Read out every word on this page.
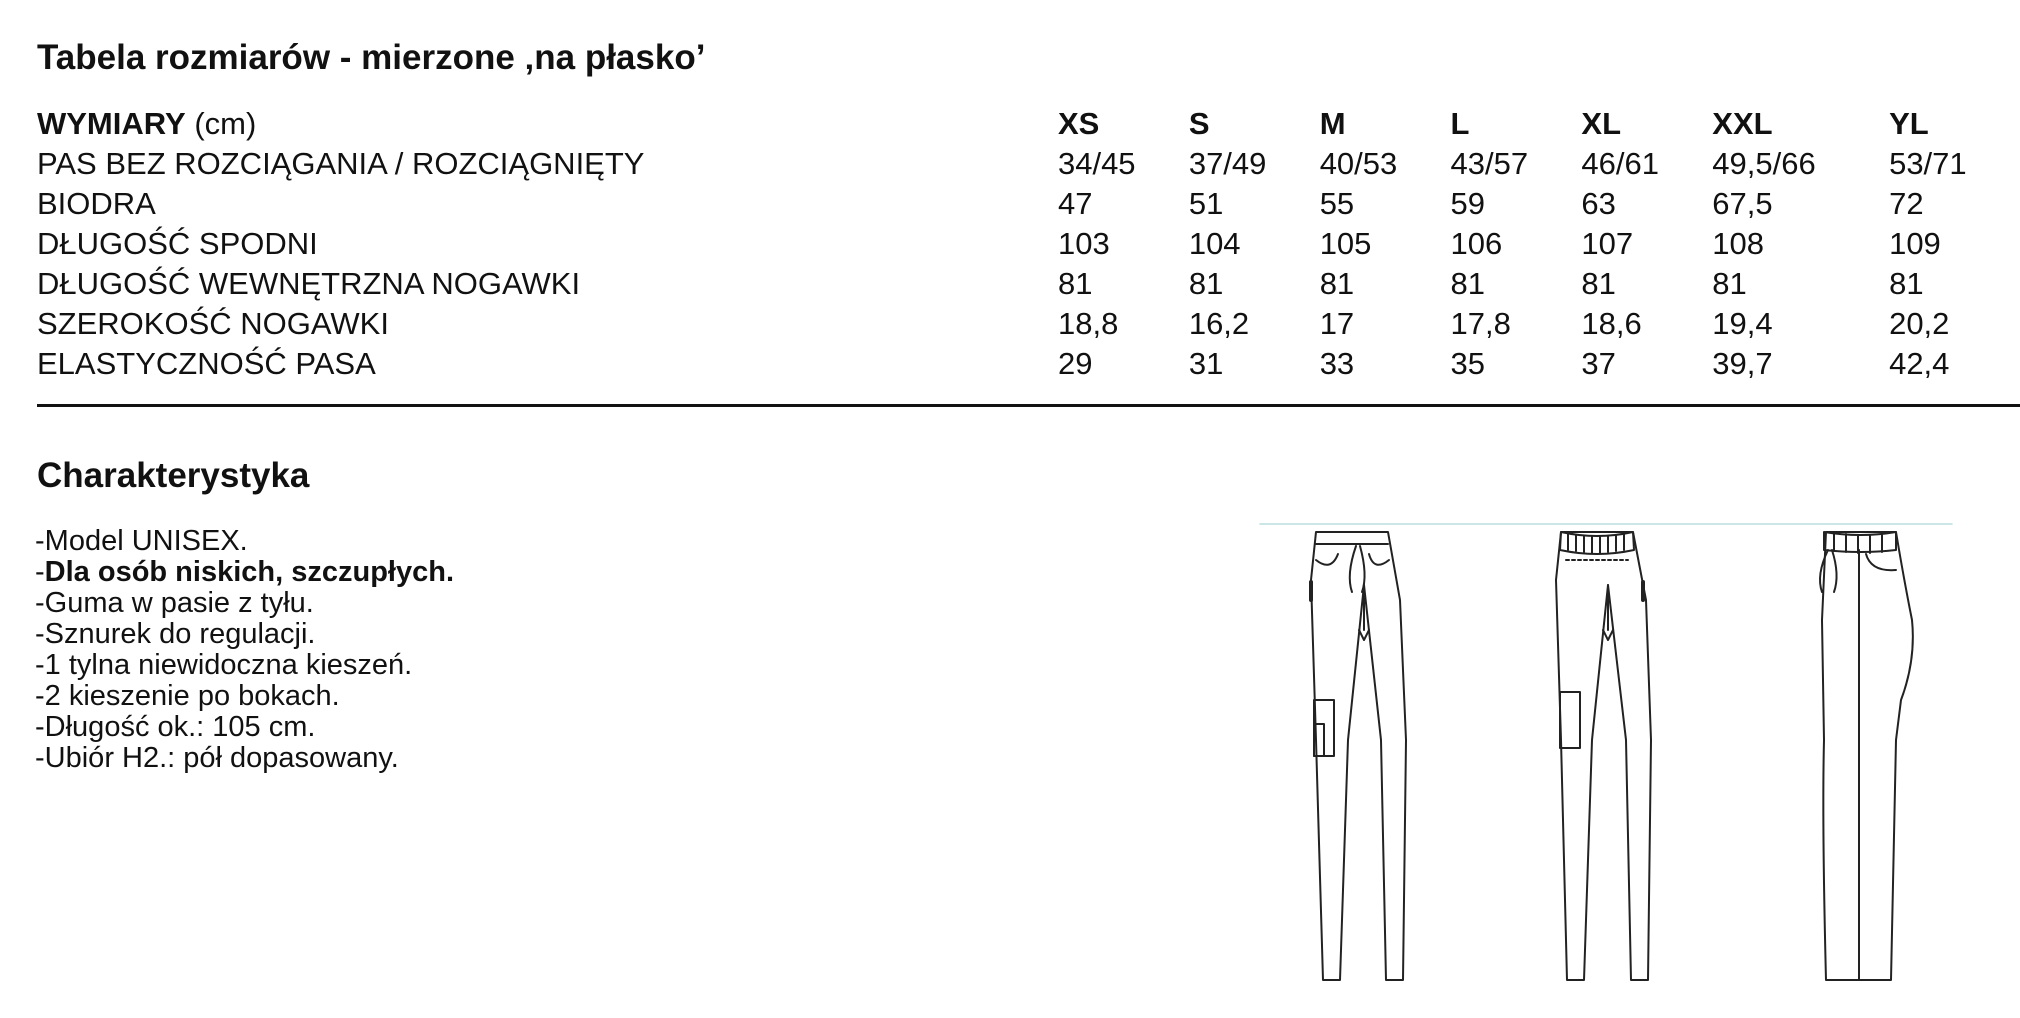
Tabela rozmiarów - mierzone ‚na płasko’
WYMIARY (cm)	XS	S	M	L	XL	XXL	YL
PAS BEZ ROZCIĄGANIA / ROZCIĄGNIĘTY	34/45	37/49	40/53	43/57	46/61	49,5/66	53/71
BIODRA	47	51	55	59	63	67,5	72
DŁUGOŚĆ SPODNI	103	104	105	106	107	108	109
DŁUGOŚĆ WEWNĘTRZNA NOGAWKI	81	81	81	81	81	81	81
SZEROKOŚĆ NOGAWKI	18,8	16,2	17	17,8	18,6	19,4	20,2
ELASTYCZNOŚĆ PASA	29	31	33	35	37	39,7	42,4
Charakterystyka
-Model UNISEX.
-Dla osób niskich, szczupłych.
-Guma w pasie z tyłu.
-Sznurek do regulacji.
-1 tylna niewidoczna kieszeń.
-2 kieszenie po bokach.
-Długość ok.: 105 cm.
-Ubiór H2.: pół dopasowany.
